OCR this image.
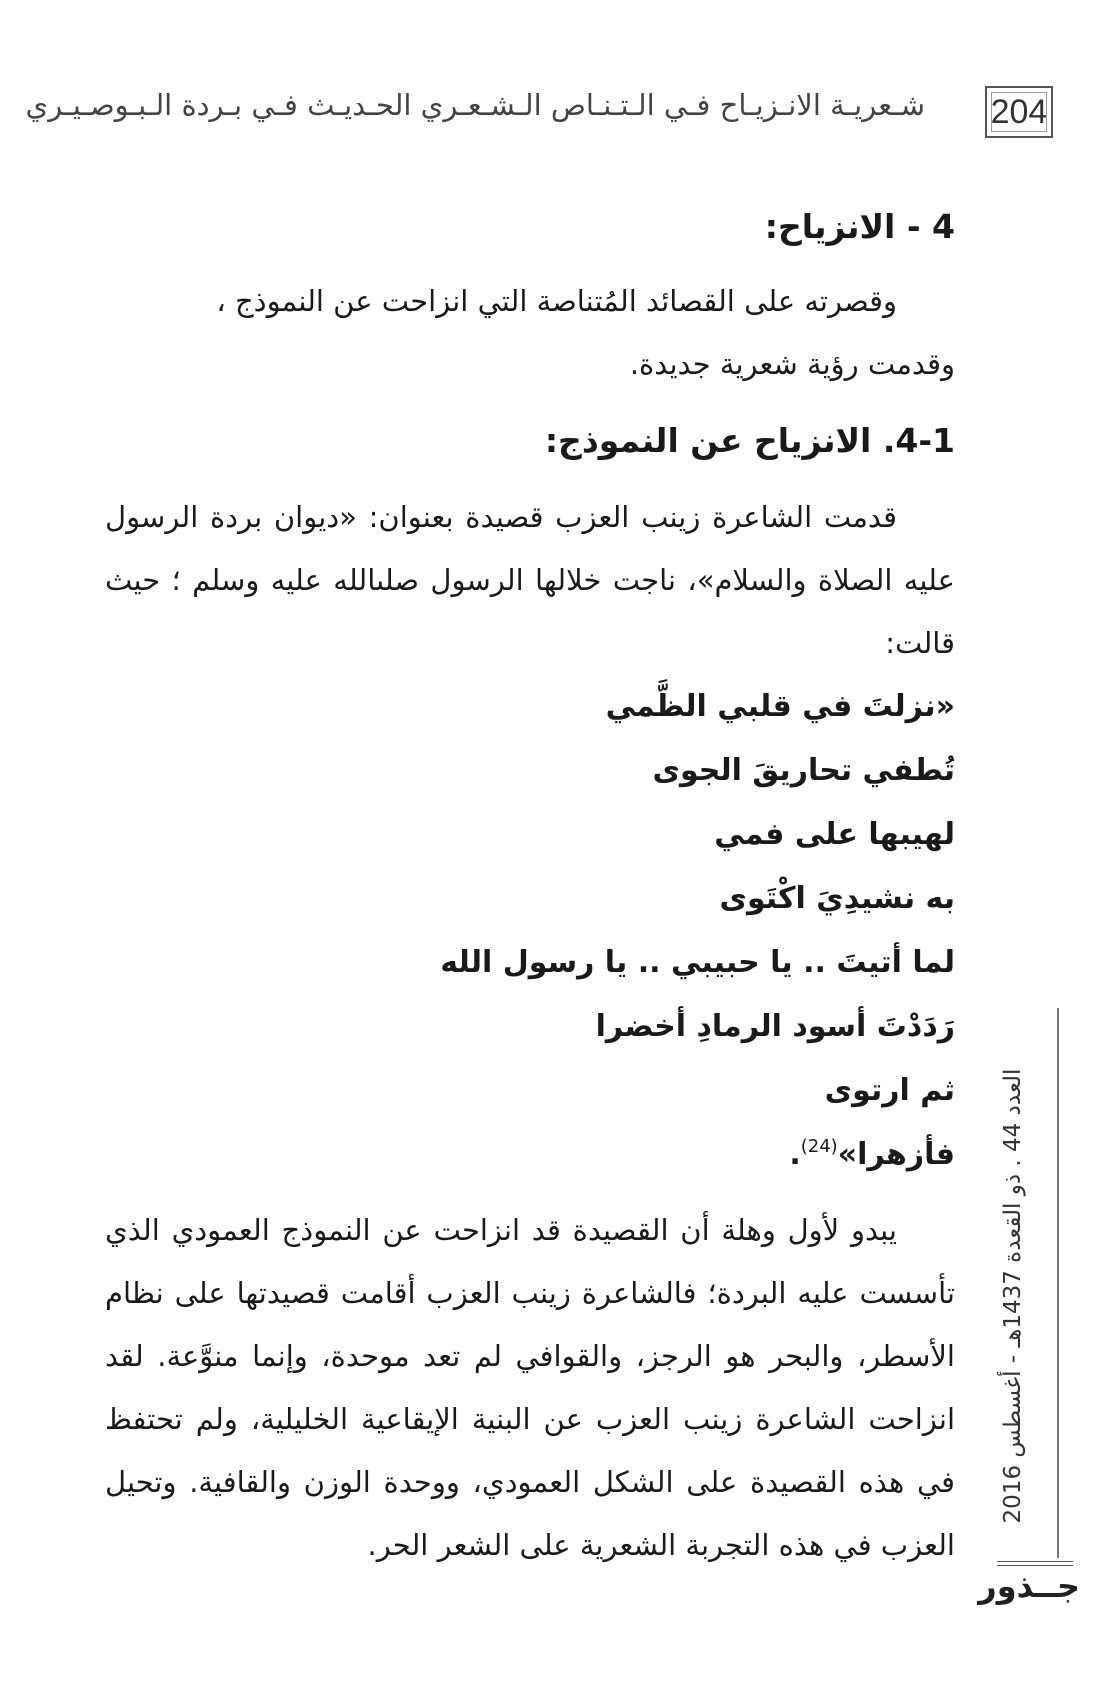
204
شـعريـة الانـزيـاح فـي الـتـنـاص الـشـعـري الحـديـث فـي بـردة الـبـوصـيـري

4 - الانزياح:

وقصرته على القصائد المُتناصة التي انزاحت عن النموذج ،

وقدمت رؤية شعرية جديدة.

4-1. الانزياح عن النموذج:

قدمت الشاعرة زينب العزب قصيدة بعنوان: «ديوان بردة الرسول عليه الصلاة والسلام»، ناجت خلالها الرسول صلىالله عليه وسلم ؛ حيث قالت:

«نزلتَ في قلبي الظَّمي

تُطفي تحاريقَ الجوى

لهيبها على فمي

به نشيدِيَ اكْتَوى

لما أتيتَ .. يا حبيبي .. يا رسول الله

رَدَدْتَ أسود الرمادِ أخضرا

ثم ارتوى

فأزهرا»$^{(24)}$.

يبدو لأول وهلة أن القصيدة قد انزاحت عن النموذج العمودي الذي تأسست عليه البردة؛ فالشاعرة زينب العزب أقامت قصيدتها على نظام الأسطر، والبحر هو الرجز، والقوافي لم تعد موحدة، وإنما منوَّعة. لقد انزاحت الشاعرة زينب العزب عن البنية الإيقاعية الخليلية، ولم تحتفظ في هذه القصيدة على الشكل العمودي، ووحدة الوزن والقافية. وتحيل العزب في هذه التجربة الشعرية على الشعر الحر.

العدد 44 . ذو القعدة 1437هـ - أغسطس 2016
جــذور
